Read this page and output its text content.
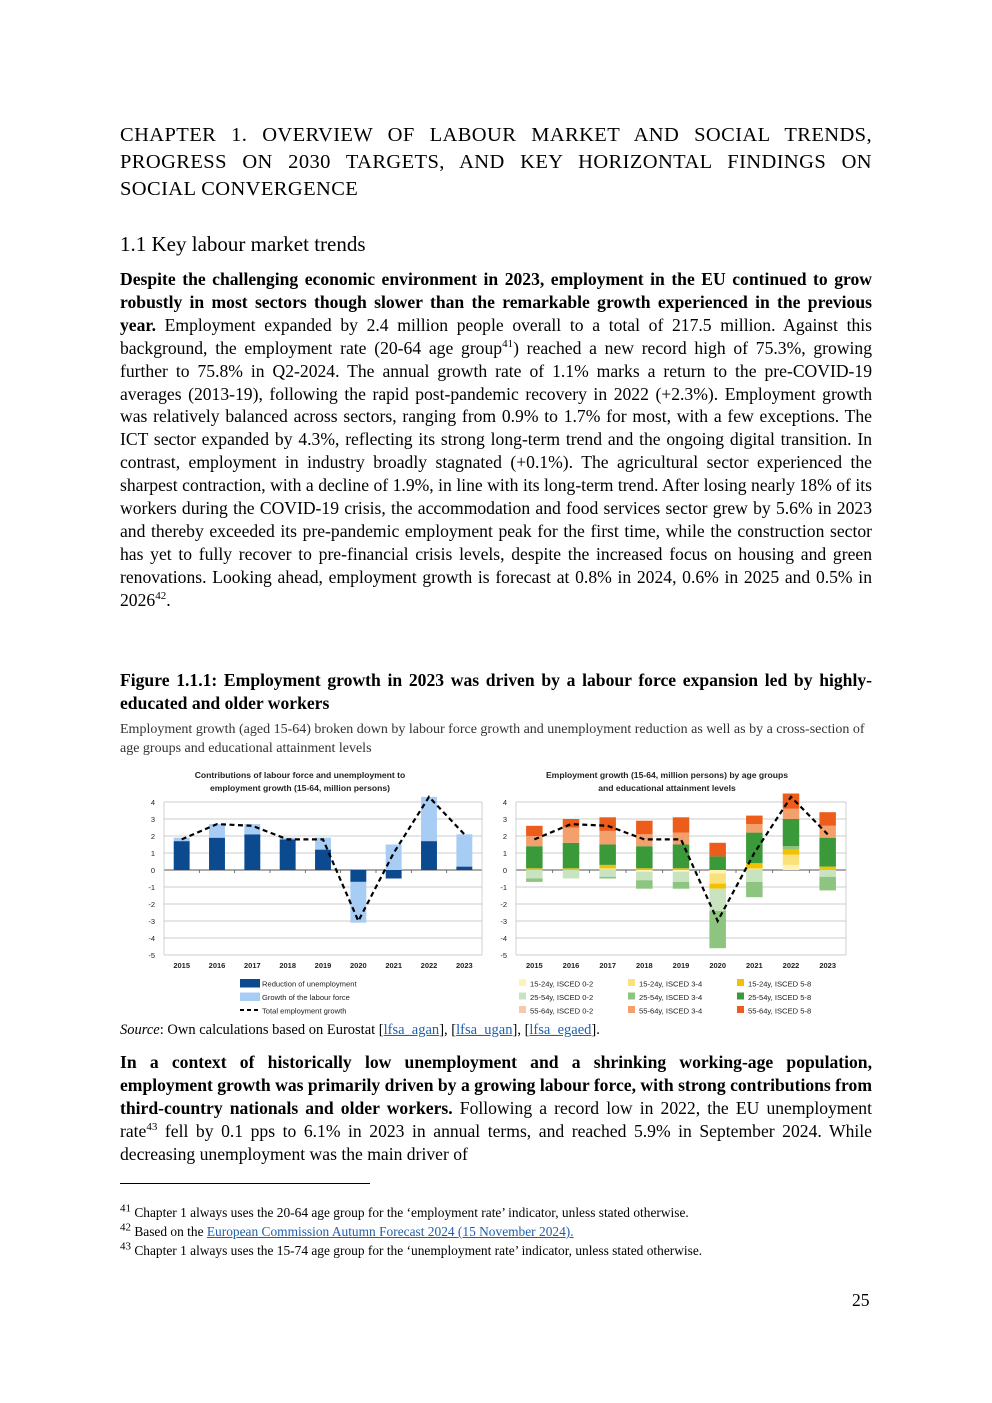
CHAPTER 1. OVERVIEW OF LABOUR MARKET AND SOCIAL TRENDS, PROGRESS ON 2030 TARGETS, AND KEY HORIZONTAL FINDINGS ON SOCIAL CONVERGENCE
1.1 Key labour market trends

Despite the challenging economic environment in 2023, employment in the EU continued to grow robustly in most sectors though slower than the remarkable growth experienced in the previous year. Employment expanded by 2.4 million people overall to a total of 217.5 million. Against this background, the employment rate (20-64 age group$^{41}$) reached a new record high of 75.3%, growing further to 75.8% in Q2-2024. The annual growth rate of 1.1% marks a return to the pre-COVID-19 averages (2013-19), following the rapid post-pandemic recovery in 2022 (+2.3%). Employment growth was relatively balanced across sectors, ranging from 0.9% to 1.7% for most, with a few exceptions. The ICT sector expanded by 4.3%, reflecting its strong long-term trend and the ongoing digital transition. In contrast, employment in industry broadly stagnated (+0.1%). The agricultural sector experienced the sharpest contraction, with a decline of 1.9%, in line with its long-term trend. After losing nearly 18% of its workers during the COVID-19 crisis, the accommodation and food services sector grew by 5.6% in 2023 and thereby exceeded its pre-pandemic employment peak for the first time, while the construction sector has yet to fully recover to pre-financial crisis levels, despite the increased focus on housing and green renovations. Looking ahead, employment growth is forecast at 0.8% in 2024, 0.6% in 2025 and 0.5% in 2026$^{42}$.

Figure 1.1.1: Employment growth in 2023 was driven by a labour force expansion led by highly-educated and older workers

Employment growth (aged 15-64) broken down by labour force growth and unemployment reduction as well as by a cross-section of age groups and educational attainment levels

Contributions of labour force and unemployment to
employment growth (15-64, million persons)
4
3
2
1
0
-1
-2
-3
-4
-5
2015 2016 2017 2018 2019 2020 2021 2022 2023
Reduction of unemployment
Growth of the labour force
Total employment growth
Employment growth (15-64, million persons) by age groups
and educational attainment levels
4
3
2
1
0
-1
-2
-3
-4
-5
2015	2016	2017	2018	2019	2020	2021	2022	2023
15-24y, ISCED 0-2	15-24y, ISCED 3-4	15-24y, ISCED 5-8
25-54y, ISCED 0-2	25-54y, ISCED 3-4	25-54y, ISCED 5-8
55-64y, ISCED 0-2	55-64y, ISCED 3-4	55-64y, ISCED 5-8
Source: Own calculations based on Eurostat [lfsa_agan], [lfsa_ugan], [lfsa_egaed].

In a context of historically low unemployment and a shrinking working-age population, employment growth was primarily driven by a growing labour force, with strong contributions from third-country nationals and older workers. Following a record low in 2022, the EU unemployment rate$^{43}$ fell by 0.1 pps to 6.1% in 2023 in annual terms, and reached 5.9% in September 2024. While decreasing unemployment was the main driver of

$^{41}$ Chapter 1 always uses the 20-64 age group for the ‘employment rate’ indicator, unless stated otherwise.
$^{42}$ Based on the European Commission Autumn Forecast 2024 (15 November 2024).
$^{43}$ Chapter 1 always uses the 15-74 age group for the ‘unemployment rate’ indicator, unless stated otherwise.
25
